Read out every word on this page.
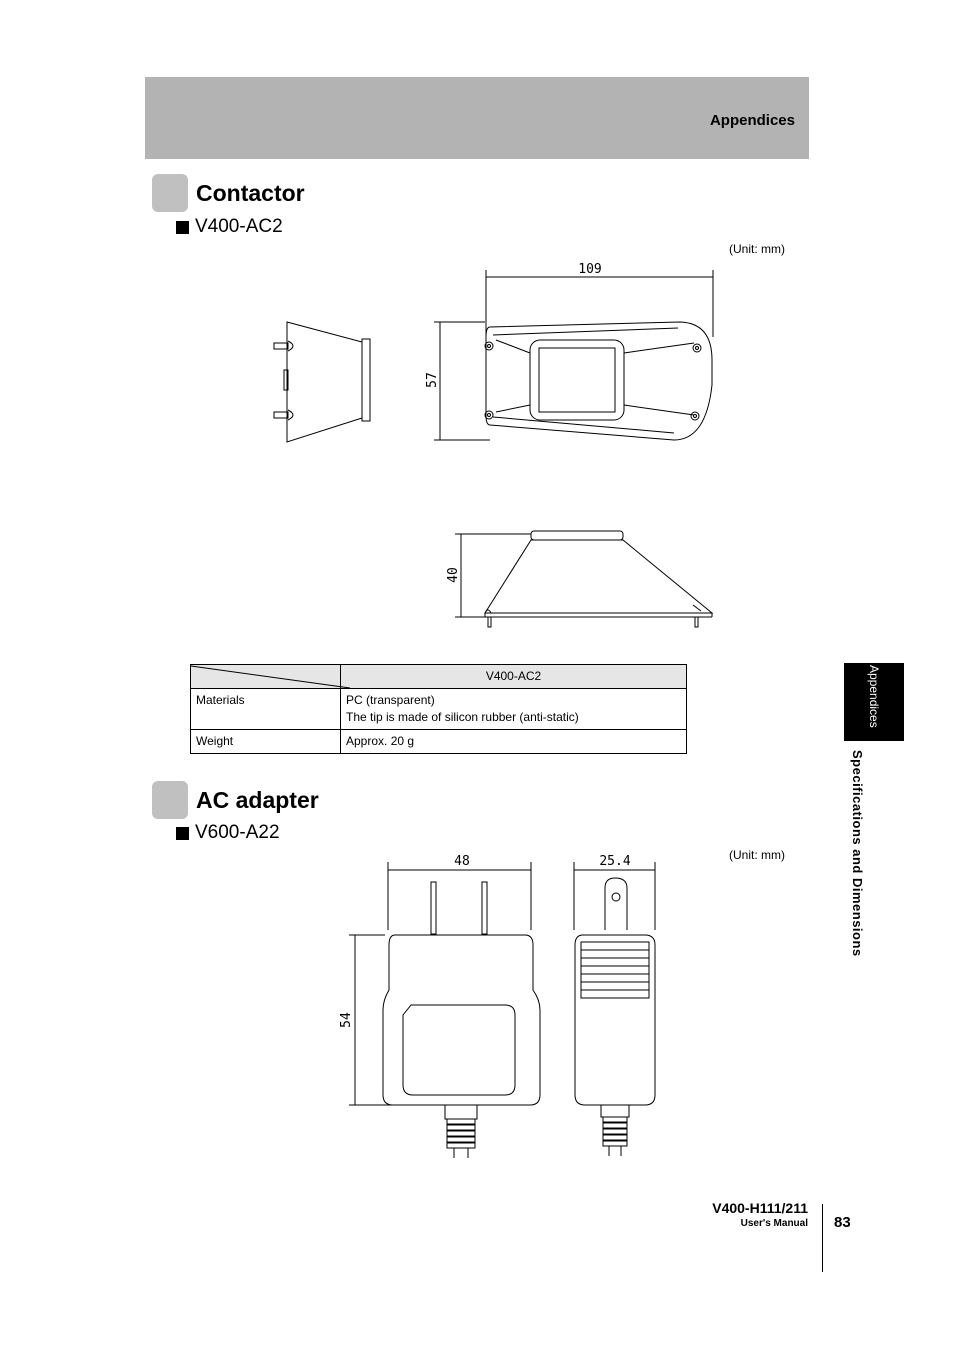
Appendices
Contactor
V400-AC2
(Unit: mm)
109
57
40
	V400-AC2
Materials	PC (transparent)
The tip is made of silicon rubber (anti-static)

Weight	Approx. 20 g
AC adapter
V600-A22
(Unit: mm)
48
54
25.4
Appendices
Specifications and Dimensions
V400-H111/211
User's Manual 83
